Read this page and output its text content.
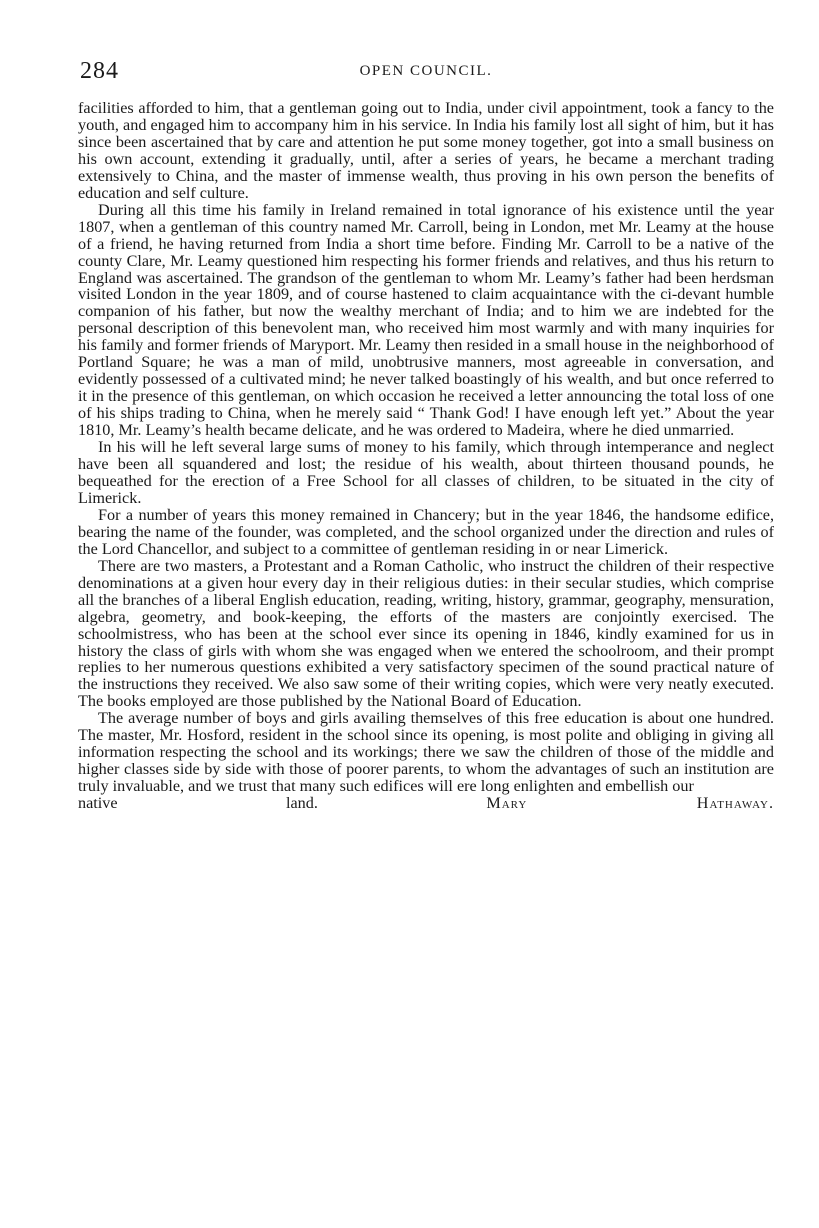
284	OPEN COUNCIL.

facilities afforded to him, that a gentleman going out to India, under civil appointment, took a fancy to the youth, and engaged him to accompany him in his service. In India his family lost all sight of him, but it has since been ascertained that by care and attention he put some money together, got into a small business on his own account, extending it gradually, until, after a series of years, he became a merchant trading extensively to China, and the master of immense wealth, thus proving in his own person the benefits of education and self culture.

During all this time his family in Ireland remained in total ignorance of his existence until the year 1807, when a gentleman of this country named Mr. Carroll, being in London, met Mr. Leamy at the house of a friend, he having returned from India a short time before. Finding Mr. Carroll to be a native of the county Clare, Mr. Leamy questioned him respecting his former friends and relatives, and thus his return to England was ascertained. The grandson of the gentleman to whom Mr. Leamy’s father had been herdsman visited London in the year 1809, and of course hastened to claim acquaintance with the ci-devant humble companion of his father, but now the wealthy merchant of India; and to him we are indebted for the personal description of this benevolent man, who received him most warmly and with many inquiries for his family and former friends of Maryport. Mr. Leamy then resided in a small house in the neighborhood of Portland Square; he was a man of mild, unobtrusive manners, most agreeable in conversation, and evidently possessed of a cultivated mind; he never talked boastingly of his wealth, and but once referred to it in the presence of this gentleman, on which occasion he received a letter announcing the total loss of one of his ships trading to China, when he merely said “ Thank God! I have enough left yet.” About the year 1810, Mr. Leamy’s health became delicate, and he was ordered to Madeira, where he died unmarried.

In his will he left several large sums of money to his family, which through intemperance and neglect have been all squandered and lost; the residue of his wealth, about thirteen thousand pounds, he bequeathed for the erection of a Free School for all classes of children, to be situated in the city of Limerick.

For a number of years this money remained in Chancery; but in the year 1846, the handsome edifice, bearing the name of the founder, was completed, and the school organized under the direction and rules of the Lord Chancellor, and subject to a committee of gentleman residing in or near Limerick.

There are two masters, a Protestant and a Roman Catholic, who instruct the children of their respective denominations at a given hour every day in their religious duties: in their secular studies, which comprise all the branches of a liberal English education, reading, writing, history, grammar, geography, mensuration, algebra, geometry, and book-keeping, the efforts of the masters are conjointly exercised. The schoolmistress, who has been at the school ever since its opening in 1846, kindly examined for us in history the class of girls with whom she was engaged when we entered the schoolroom, and their prompt replies to her numerous questions exhibited a very satisfactory specimen of the sound practical nature of the instructions they received. We also saw some of their writing copies, which were very neatly executed. The books employed are those published by the National Board of Education.

The average number of boys and girls availing themselves of this free education is about one hundred. The master, Mr. Hosford, resident in the school since its opening, is most polite and obliging in giving all information respecting the school and its workings; there we saw the children of those of the middle and higher classes side by side with those of poorer parents, to whom the advantages of such an institution are truly invaluable, and we trust that many such edifices will ere long enlighten and embellish our

native land.	Mary Hathaway.
